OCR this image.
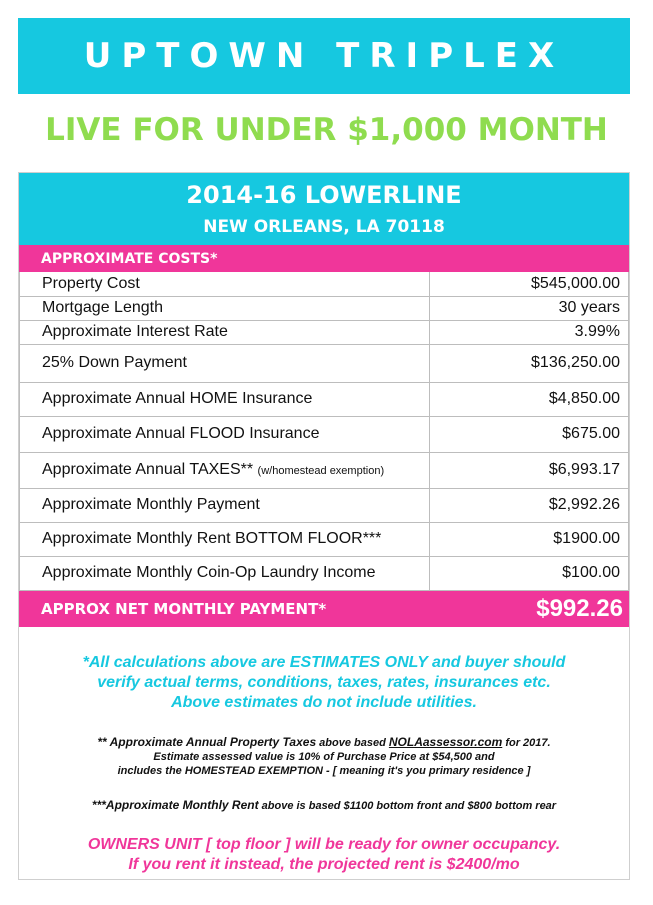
UPTOWN TRIPLEX
LIVE FOR UNDER $1,000 MONTH
2014-16 LOWERLINE
NEW ORLEANS, LA 70118
APPROXIMATE COSTS*
Property Cost	$545,000.00
Mortgage Length	30 years
Approximate Interest Rate	3.99%
25% Down Payment	$136,250.00
Approximate Annual HOME Insurance	$4,850.00
Approximate Annual FLOOD Insurance	$675.00
Approximate Annual TAXES** (w/homestead exemption)	$6,993.17
Approximate Monthly Payment	$2,992.26
Approximate Monthly Rent BOTTOM FLOOR***	$1900.00
Approximate Monthly Coin-Op Laundry Income	$100.00
APPROX NET MONTHLY PAYMENT*	$992.26
*All calculations above are ESTIMATES ONLY and buyer should
verify actual terms, conditions, taxes, rates, insurances etc.
Above estimates do not include utilities.
** Approximate Annual Property Taxes above based NOLAassessor.com for 2017.
Estimate assessed value is 10% of Purchase Price at $54,500 and
includes the HOMESTEAD EXEMPTION - [ meaning it's you primary residence ]
***Approximate Monthly Rent above is based $1100 bottom front and $800 bottom rear
OWNERS UNIT [ top floor ] will be ready for owner occupancy.
If you rent it instead, the projected rent is $2400/mo
